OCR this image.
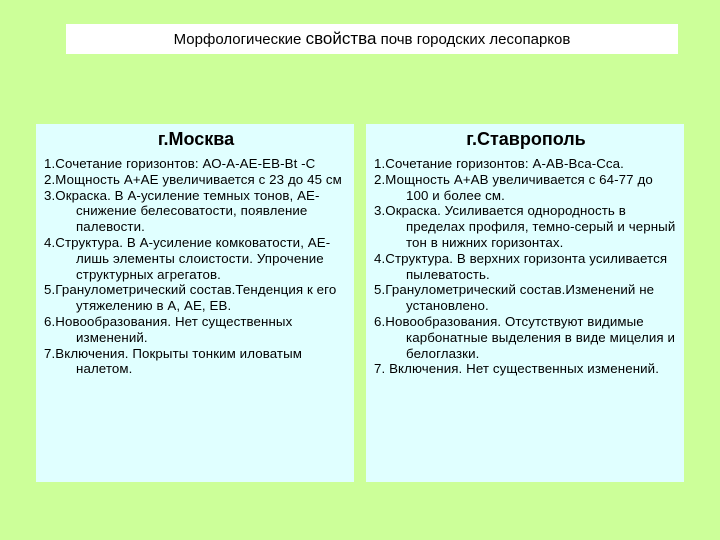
Морфологические свойства почв городских лесопарков
г.Москва
1.Сочетание горизонтов: АО-А-АЕ-ЕВ-Вt -С
2.Мощность А+АЕ увеличивается с 23 до 45 см
3.Окраска. В А-усиление темных тонов, АЕ-снижение белесоватости, появление палевости.
4.Структура. В А-усиление комковатости, АЕ- лишь элементы слоистости. Упрочение структурных агрегатов.
5.Гранулометрический состав.Тенденция к его утяжелению в А, АЕ, ЕВ.
6.Новообразования. Нет существенных изменений.
7.Включения. Покрыты тонким иловатым налетом.
г.Ставрополь
1.Сочетание горизонтов: А-АВ-Вса-Сса.
2.Мощность А+АВ увеличивается с 64-77 до 100 и более см.
3.Окраска. Усиливается однородность в пределах профиля, темно-серый и черный тон в нижних горизонтах.
4.Структура. В верхних горизонта усиливается пылеватость.
5.Гранулометрический состав.Изменений не установлено.
6.Новообразования. Отсутствуют видимые карбонатные выделения в виде мицелия и белоглазки.
7. Включения. Нет существенных изменений.
